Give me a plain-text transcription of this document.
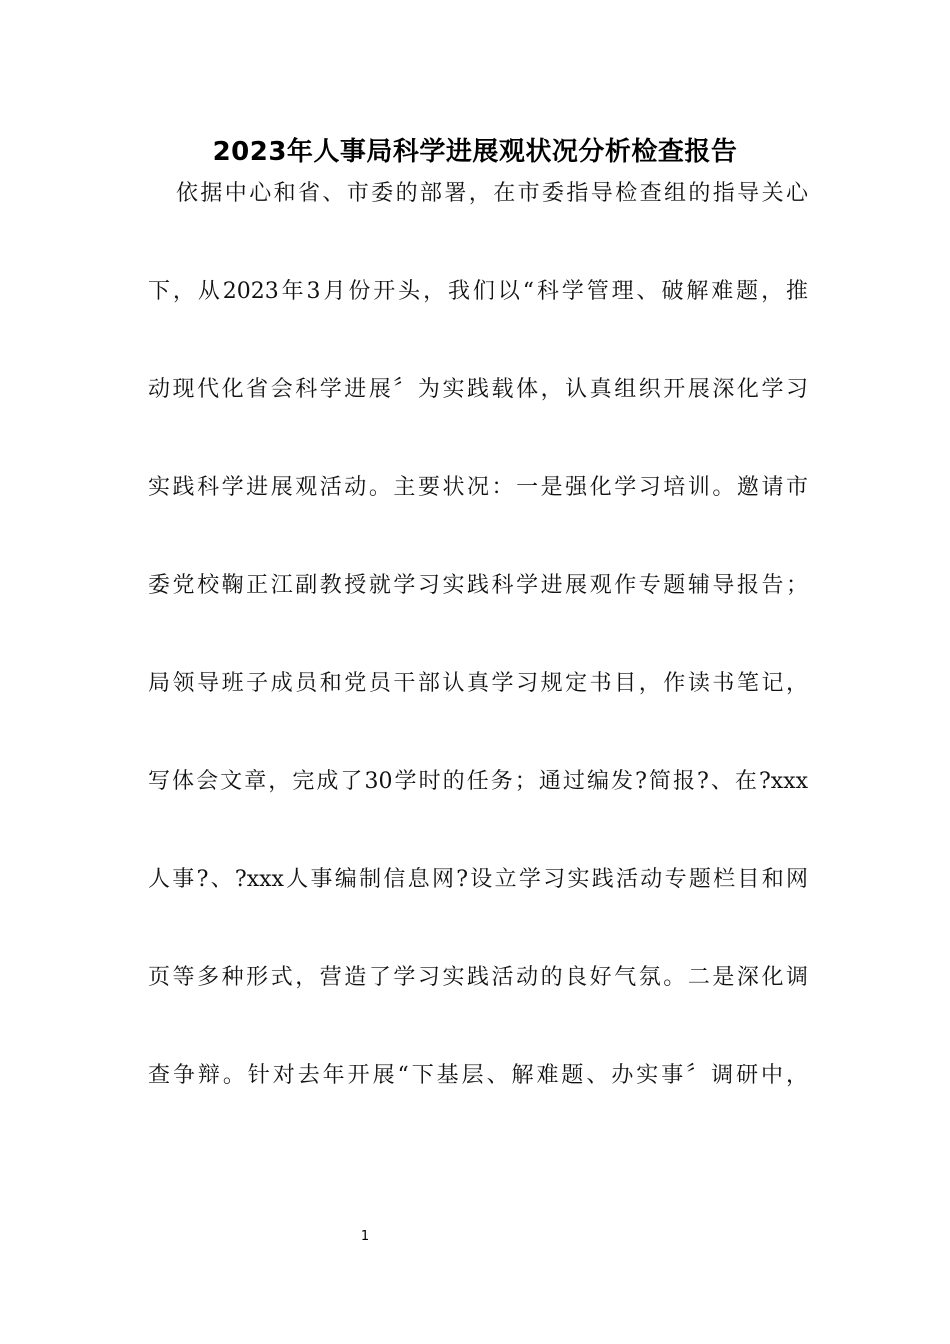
2023年人事局科学进展观状况分析检查报告
依据中心和省、市委的部署，在市委指导检查组的指导关心
下，从2023年3月份开头，我们以“科学管理、破解难题，推
动现代化省会科学进展〞为实践载体，认真组织开展深化学习
实践科学进展观活动。主要状况：一是强化学习培训。邀请市
委党校鞠正江副教授就学习实践科学进展观作专题辅导报告；
局领导班子成员和党员干部认真学习规定书目，作读书笔记，
写体会文章，完成了30学时的任务；通过编发?简报?、在?xxx
人事?、?xxx人事编制信息网?设立学习实践活动专题栏目和网
页等多种形式，营造了学习实践活动的良好气氛。二是深化调
查争辩。针对去年开展“下基层、解难题、办实事〞调研中，
1
